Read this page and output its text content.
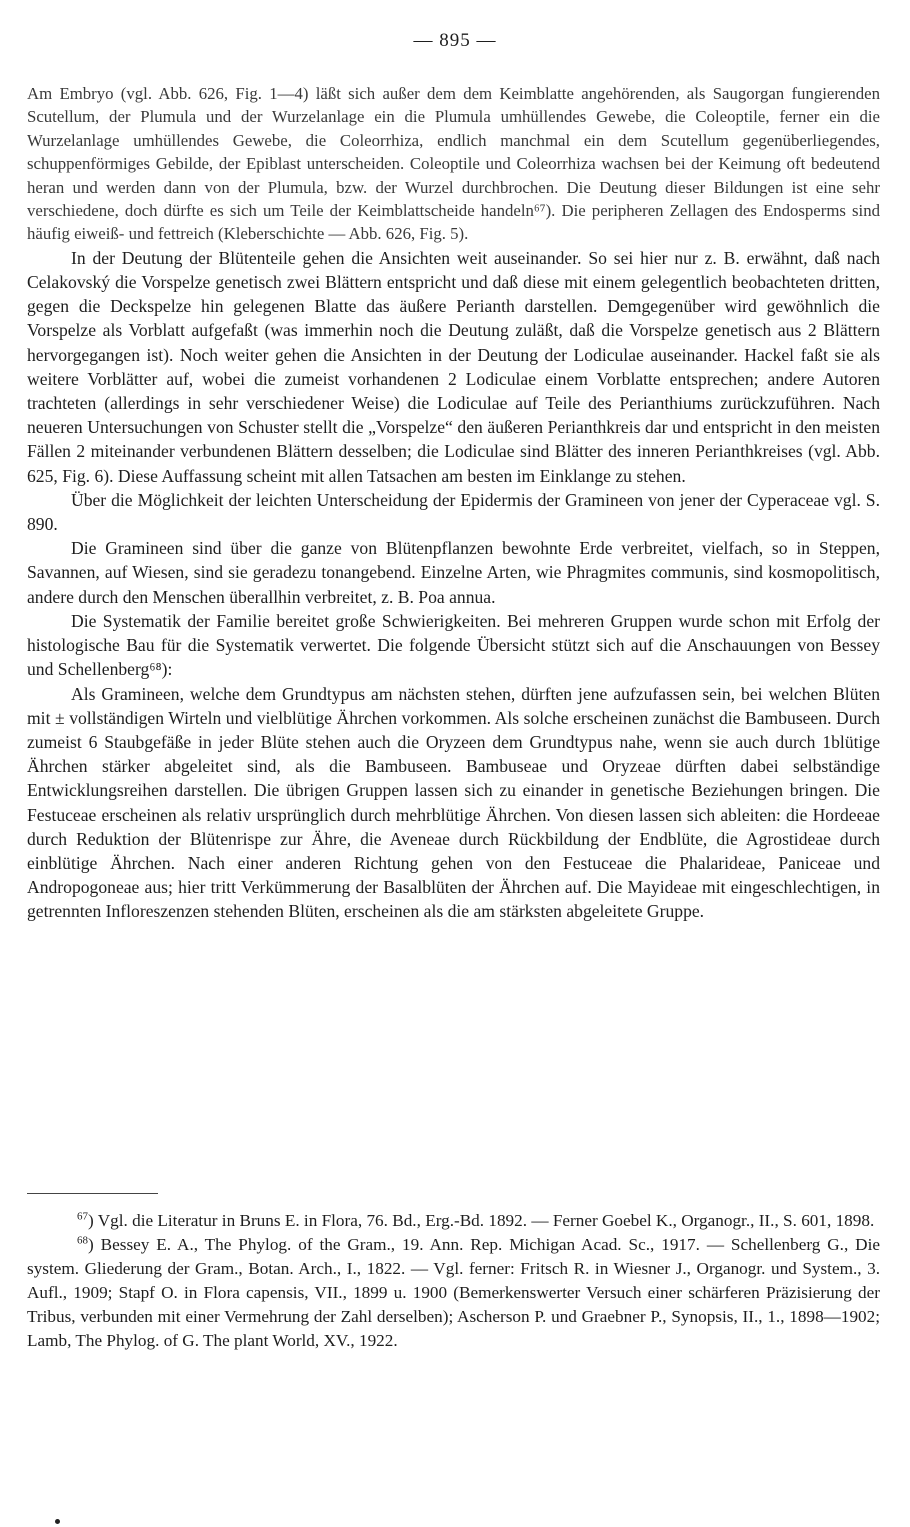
— 895 —

Am Embryo (vgl. Abb. 626, Fig. 1—4) läßt sich außer dem dem Keimblatte angehörenden, als Saugorgan fungierenden Scutellum, der Plumula und der Wurzelanlage ein die Plumula umhüllendes Gewebe, die Coleoptile, ferner ein die Wurzelanlage umhüllendes Gewebe, die Coleorrhiza, endlich manchmal ein dem Scutellum gegenüberliegendes, schuppenförmiges Gebilde, der Epiblast unterscheiden. Coleoptile und Coleorrhiza wachsen bei der Keimung oft bedeutend heran und werden dann von der Plumula, bzw. der Wurzel durchbrochen. Die Deutung dieser Bildungen ist eine sehr verschiedene, doch dürfte es sich um Teile der Keimblattscheide handeln⁶⁷). Die peripheren Zellagen des Endosperms sind häufig eiweiß- und fettreich (Kleberschichte — Abb. 626, Fig. 5).

In der Deutung der Blütenteile gehen die Ansichten weit auseinander. So sei hier nur z. B. erwähnt, daß nach Celakovský die Vorspelze genetisch zwei Blättern entspricht und daß diese mit einem gelegentlich beobachteten dritten, gegen die Deckspelze hin gelegenen Blatte das äußere Perianth darstellen. Demgegenüber wird gewöhnlich die Vorspelze als Vorblatt aufgefaßt (was immerhin noch die Deutung zuläßt, daß die Vorspelze genetisch aus 2 Blättern hervorgegangen ist). Noch weiter gehen die Ansichten in der Deutung der Lodiculae auseinander. Hackel faßt sie als weitere Vorblätter auf, wobei die zumeist vorhandenen 2 Lodiculae einem Vorblatte entsprechen; andere Autoren trachteten (allerdings in sehr verschiedener Weise) die Lodiculae auf Teile des Perianthiums zurückzuführen. Nach neueren Untersuchungen von Schuster stellt die „Vorspelze“ den äußeren Perianthkreis dar und entspricht in den meisten Fällen 2 miteinander verbundenen Blättern desselben; die Lodiculae sind Blätter des inneren Perianthkreises (vgl. Abb. 625, Fig. 6). Diese Auffassung scheint mit allen Tatsachen am besten im Einklange zu stehen.

Über die Möglichkeit der leichten Unterscheidung der Epidermis der Gramineen von jener der Cyperaceae vgl. S. 890.

Die Gramineen sind über die ganze von Blütenpflanzen bewohnte Erde verbreitet, vielfach, so in Steppen, Savannen, auf Wiesen, sind sie geradezu tonangebend. Einzelne Arten, wie Phragmites communis, sind kosmopolitisch, andere durch den Menschen überallhin verbreitet, z. B. Poa annua.

Die Systematik der Familie bereitet große Schwierigkeiten. Bei mehreren Gruppen wurde schon mit Erfolg der histologische Bau für die Systematik verwertet. Die folgende Übersicht stützt sich auf die Anschauungen von Bessey und Schellenberg⁶⁸):

Als Gramineen, welche dem Grundtypus am nächsten stehen, dürften jene aufzufassen sein, bei welchen Blüten mit ± vollständigen Wirteln und vielblütige Ährchen vorkommen. Als solche erscheinen zunächst die Bambuseen. Durch zumeist 6 Staubgefäße in jeder Blüte stehen auch die Oryzeen dem Grundtypus nahe, wenn sie auch durch 1blütige Ährchen stärker abgeleitet sind, als die Bambuseen. Bambuseae und Oryzeae dürften dabei selbständige Entwicklungsreihen darstellen. Die übrigen Gruppen lassen sich zu einander in genetische Beziehungen bringen. Die Festuceae erscheinen als relativ ursprünglich durch mehrblütige Ährchen. Von diesen lassen sich ableiten: die Hordeeae durch Reduktion der Blütenrispe zur Ähre, die Aveneae durch Rückbildung der Endblüte, die Agrostideae durch einblütige Ährchen. Nach einer anderen Richtung gehen von den Festuceae die Phalarideae, Paniceae und Andropogoneae aus; hier tritt Verkümmerung der Basalblüten der Ährchen auf. Die Mayideae mit eingeschlechtigen, in getrennten Infloreszenzen stehenden Blüten, erscheinen als die am stärksten abgeleitete Gruppe.

$^{67}$) Vgl. die Literatur in Bruns E. in Flora, 76. Bd., Erg.-Bd. 1892. — Ferner Goebel K., Organogr., II., S. 601, 1898.

$^{68}$) Bessey E. A., The Phylog. of the Gram., 19. Ann. Rep. Michigan Acad. Sc., 1917. — Schellenberg G., Die system. Gliederung der Gram., Botan. Arch., I., 1822. — Vgl. ferner: Fritsch R. in Wiesner J., Organogr. und System., 3. Aufl., 1909; Stapf O. in Flora capensis, VII., 1899 u. 1900 (Bemerkenswerter Versuch einer schärferen Präzisierung der Tribus, verbunden mit einer Vermehrung der Zahl derselben); Ascherson P. und Graebner P., Synopsis, II., 1., 1898—1902; Lamb, The Phylog. of G. The plant World, XV., 1922.
